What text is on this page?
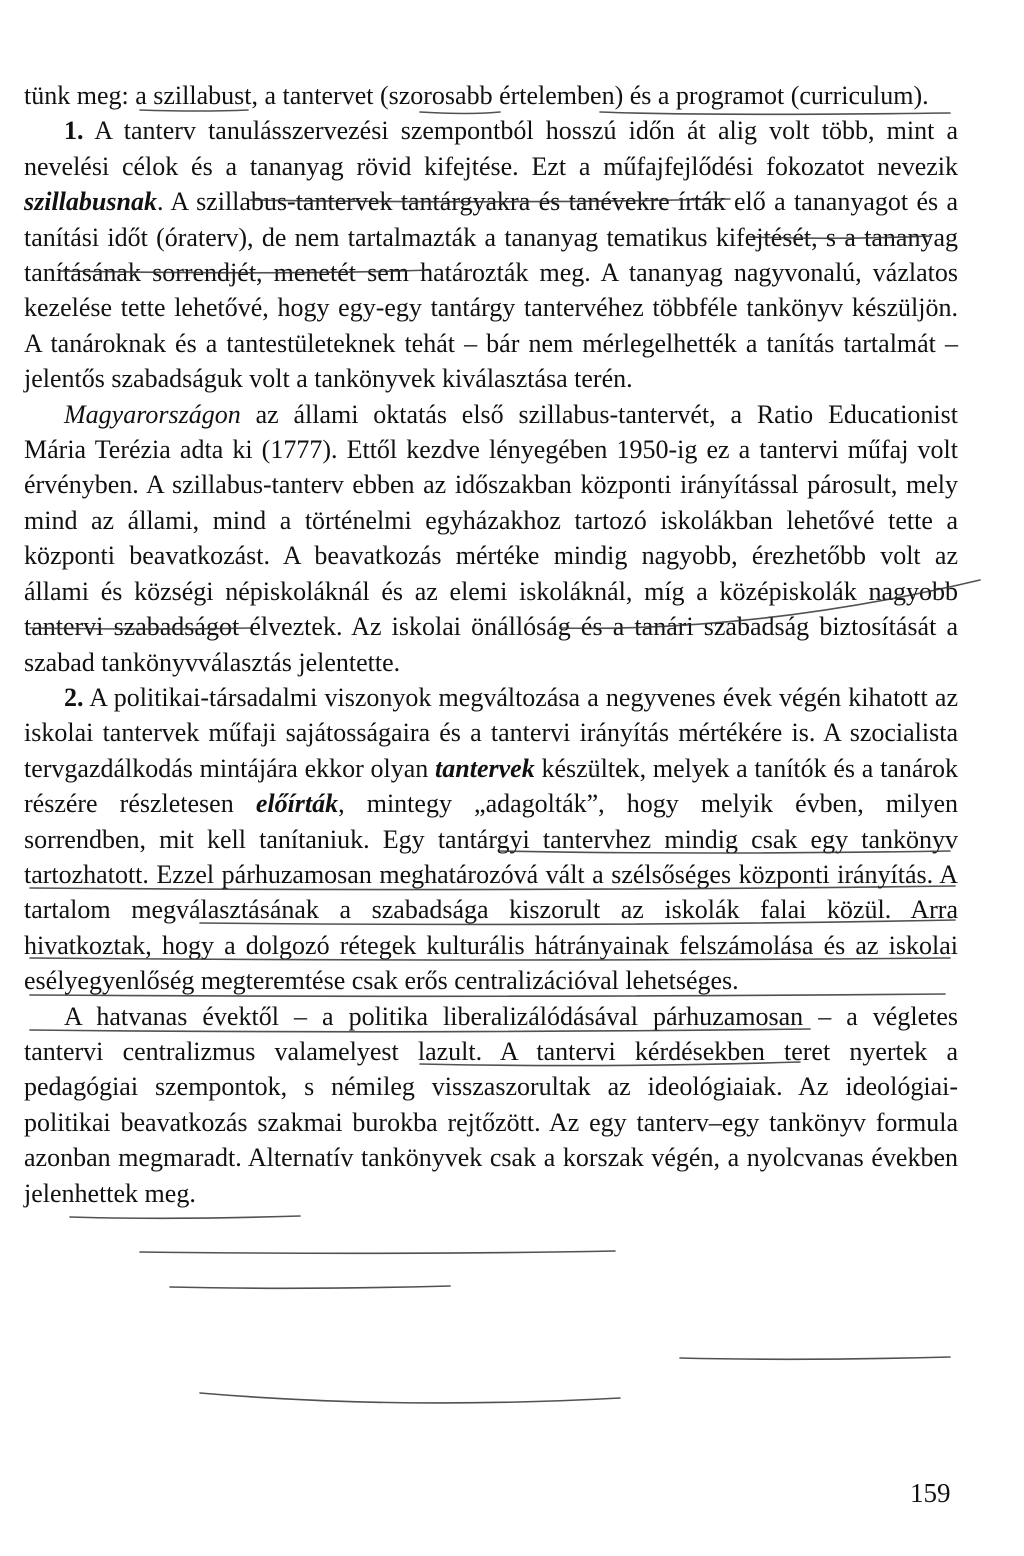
tünk meg: a szillabust, a tantervet (szorosabb értelemben) és a programot (curriculum).

1. A tanterv tanulásszervezési szempontból hosszú időn át alig volt több, mint a nevelési célok és a tananyag rövid kifejtése. Ezt a műfajfejlődési fokozatot nevezik szillabusnak. A szillabus-tantervek tantárgyakra és tanévekre írták elő a tananyagot és a tanítási időt (óraterv), de nem tartalmazták a tananyag tematikus kifejtését, s a tananyag tanításának sorrendjét, menetét sem határozták meg. A tananyag nagyvonalú, vázlatos kezelése tette lehetővé, hogy egy-egy tantárgy tantervéhez többféle tankönyv készüljön. A tanároknak és a tantestületeknek tehát – bár nem mérlegelhették a tanítás tartalmát – jelentős szabadságuk volt a tankönyvek kiválasztása terén.

Magyarországon az állami oktatás első szillabus-tantervét, a Ratio Educationist Mária Terézia adta ki (1777). Ettől kezdve lényegében 1950-ig ez a tantervi műfaj volt érvényben. A szillabus-tanterv ebben az időszakban központi irányítással párosult, mely mind az állami, mind a történelmi egyházakhoz tartozó iskolákban lehetővé tette a központi beavatkozást. A beavatkozás mértéke mindig nagyobb, érezhetőbb volt az állami és községi népiskoláknál és az elemi iskoláknál, míg a középiskolák nagyobb tantervi szabadságot élveztek. Az iskolai önállóság és a tanári szabadság biztosítását a szabad tankönyvválasztás jelentette.

2. A politikai-társadalmi viszonyok megváltozása a negyvenes évek végén kihatott az iskolai tantervek műfaji sajátosságaira és a tantervi irányítás mértékére is. A szocialista tervgazdálkodás mintájára ekkor olyan tantervek készültek, melyek a tanítók és a tanárok részére részletesen előírták, mintegy „adagolták”, hogy melyik évben, milyen sorrendben, mit kell tanítaniuk. Egy tantárgyi tantervhez mindig csak egy tankönyv tartozhatott. Ezzel párhuzamosan meghatározóvá vált a szélsőséges központi irányítás. A tartalom megválasztásának a szabadsága kiszorult az iskolák falai közül. Arra hivatkoztak, hogy a dolgozó rétegek kulturális hátrányainak felszámolása és az iskolai esélyegyenlőség megteremtése csak erős centralizációval lehetséges.

A hatvanas évektől – a politika liberalizálódásával párhuzamosan – a végletes tantervi centralizmus valamelyest lazult. A tantervi kérdésekben teret nyertek a pedagógiai szempontok, s némileg visszaszorultak az ideológiaiak. Az ideológiai-politikai beavatkozás szakmai burokba rejtőzött. Az egy tanterv–egy tankönyv formula azonban megmaradt. Alternatív tankönyvek csak a korszak végén, a nyolcvanas években jelenhettek meg.

159
